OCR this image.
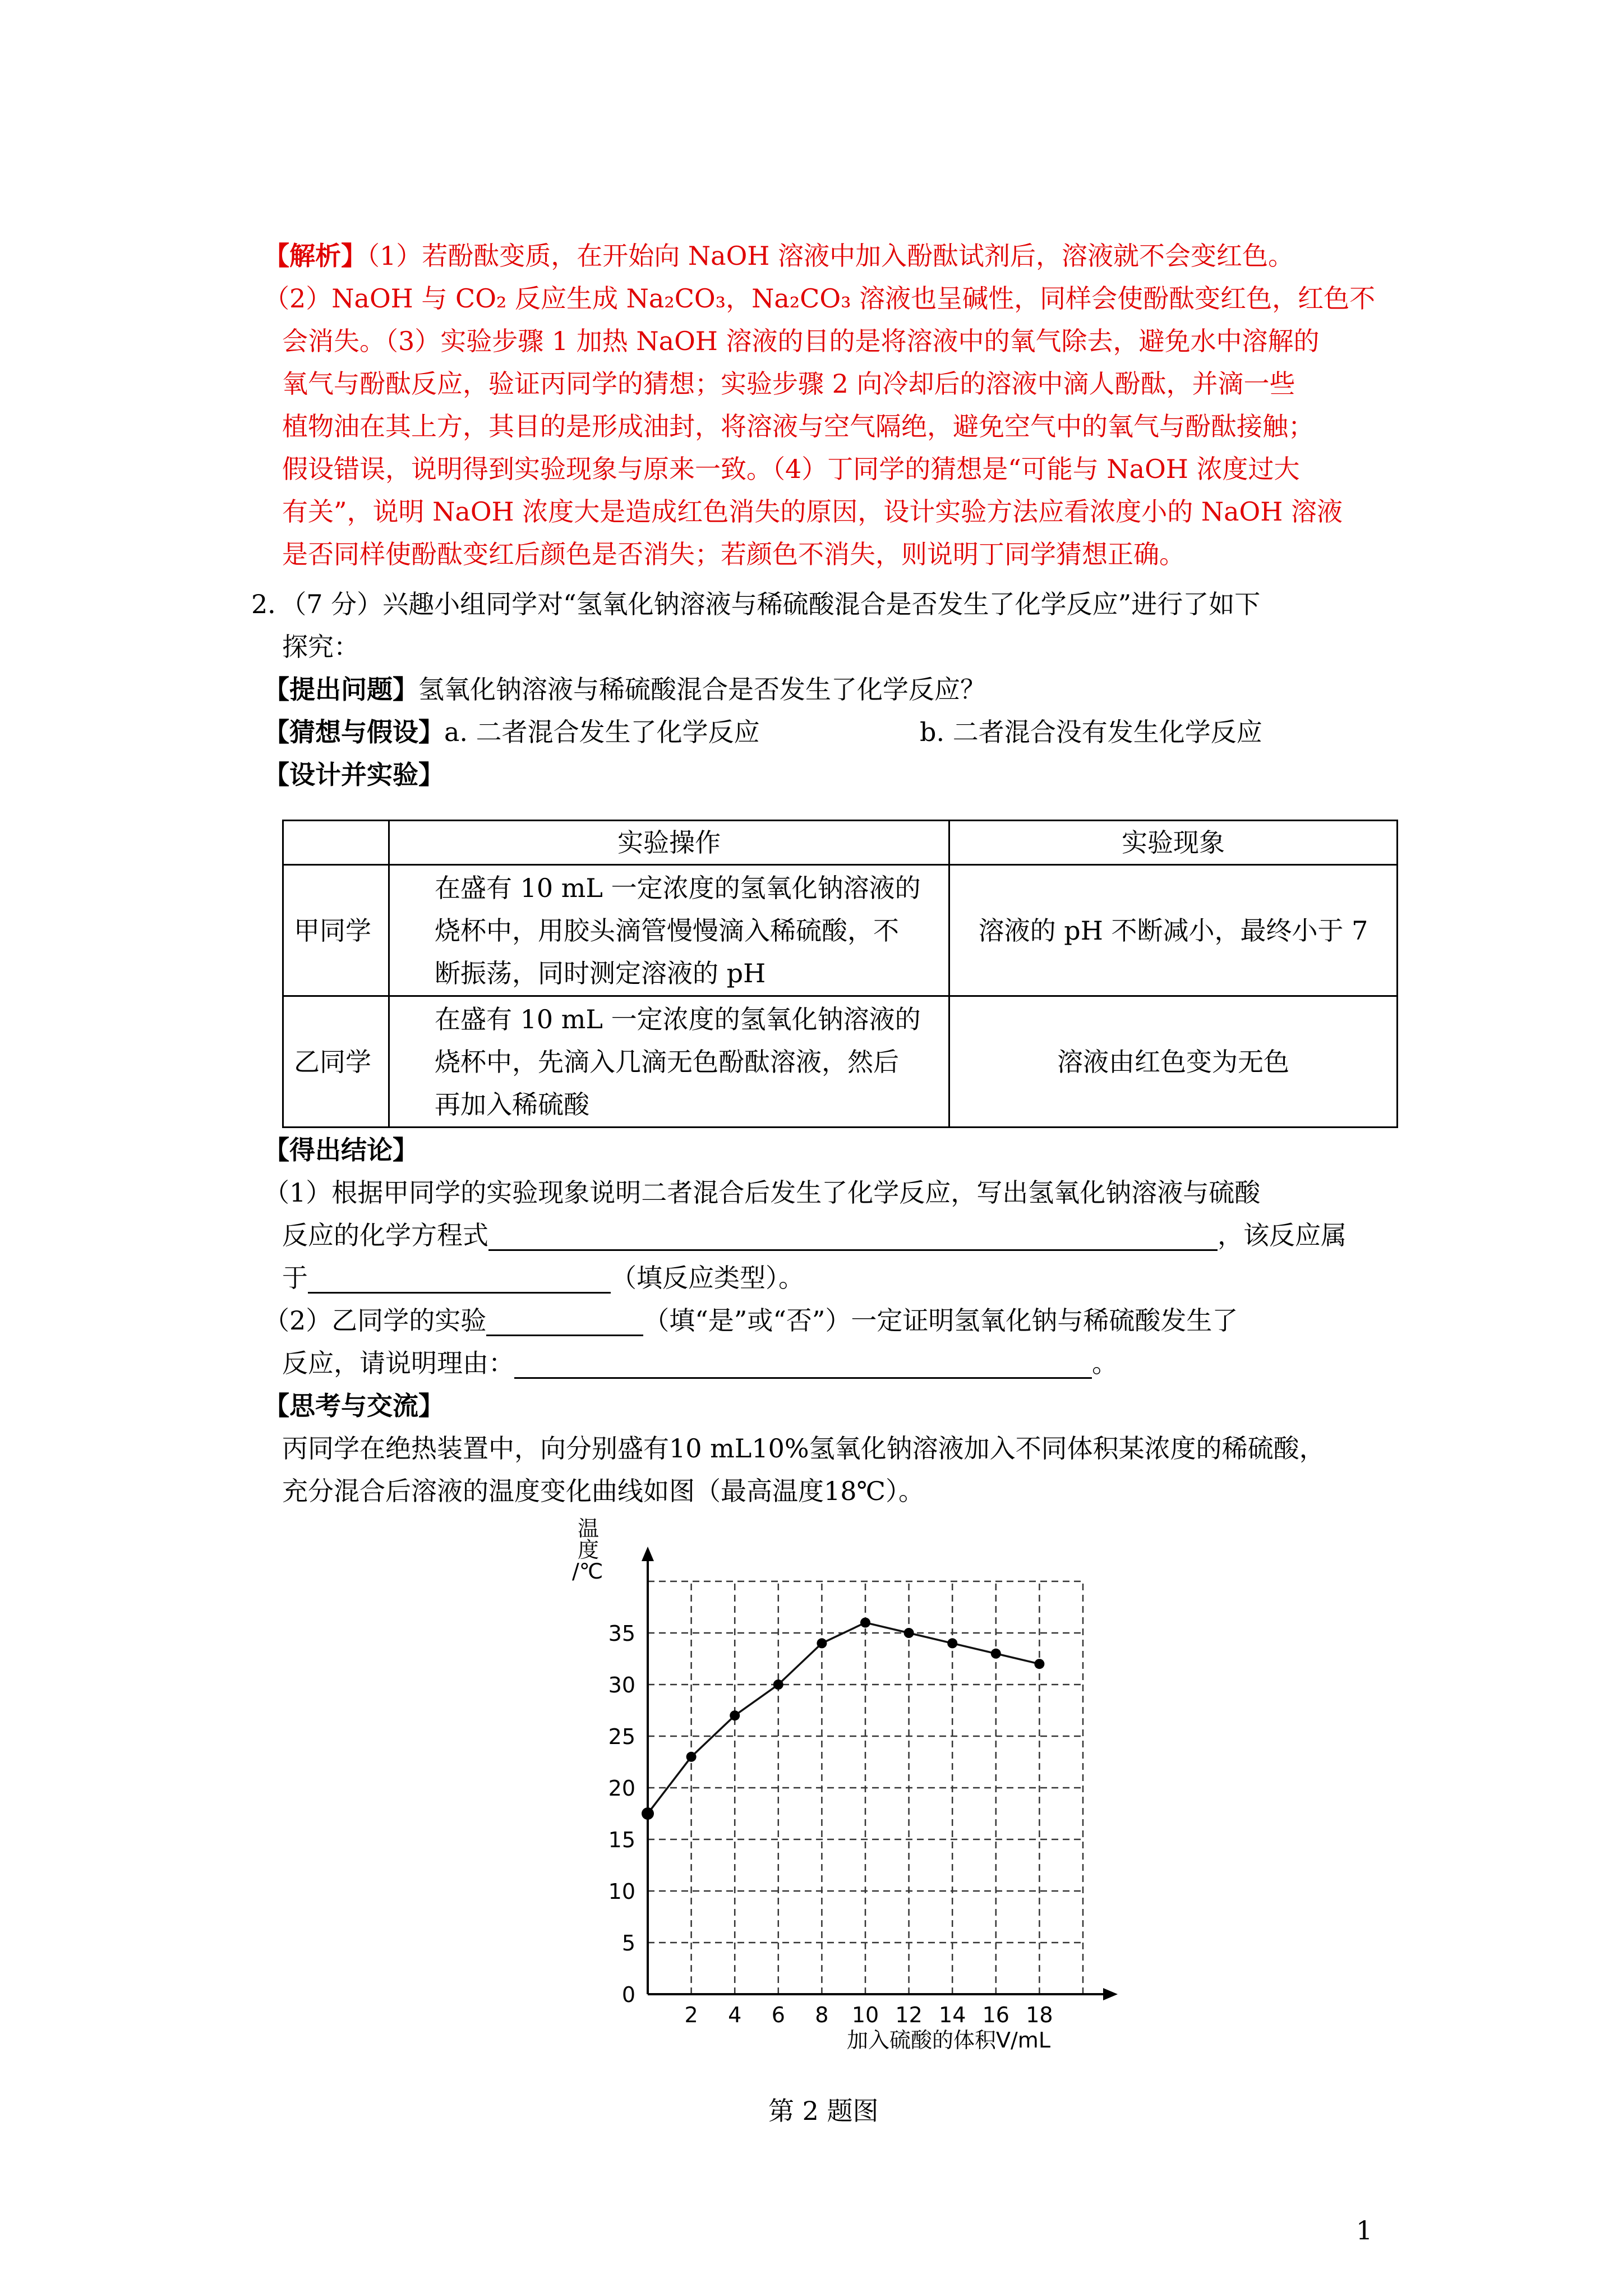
【解析】（1）若酚酞变质，在开始向 NaOH 溶液中加入酚酞试剂后，溶液就不会变红色。
（2）NaOH 与 CO₂ 反应生成 Na₂CO₃，Na₂CO₃ 溶液也呈碱性，同样会使酚酞变红色，红色不
会消失。（3）实验步骤 1 加热 NaOH 溶液的目的是将溶液中的氧气除去，避免水中溶解的
氧气与酚酞反应，验证丙同学的猜想；实验步骤 2 向冷却后的溶液中滴人酚酞，并滴一些
植物油在其上方，其目的是形成油封，将溶液与空气隔绝，避免空气中的氧气与酚酞接触；
假设错误，说明得到实验现象与原来一致。（4）丁同学的猜想是“可能与 NaOH 浓度过大
有关”，说明 NaOH 浓度大是造成红色消失的原因，设计实验方法应看浓度小的 NaOH 溶液
是否同样使酚酞变红后颜色是否消失；若颜色不消失，则说明丁同学猜想正确。
2．（7 分）兴趣小组同学对“氢氧化钠溶液与稀硫酸混合是否发生了化学反应”进行了如下
探究：
【提出问题】氢氧化钠溶液与稀硫酸混合是否发生了化学反应？
【猜想与假设】a. 二者混合发生了化学反应	b. 二者混合没有发生化学反应
【设计并实验】
	实验操作	实验现象
甲同学	在盛有 10 mL 一定浓度的氢氧化钠溶液的
烧杯中，用胶头滴管慢慢滴入稀硫酸，不
断振荡，同时测定溶液的 pH	溶液的 pH 不断减小，最终小于 7
乙同学	在盛有 10 mL 一定浓度的氢氧化钠溶液的
烧杯中，先滴入几滴无色酚酞溶液，然后
再加入稀硫酸	溶液由红色变为无色
【得出结论】
（1）根据甲同学的实验现象说明二者混合后发生了化学反应，写出氢氧化钠溶液与硫酸
反应的化学方程式	，该反应属
于	（填反应类型）。
（2）乙同学的实验	（填“是”或“否”）一定证明氢氧化钠与稀硫酸发生了
反应，请说明理由：	。
【思考与交流】
丙同学在绝热装置中，向分别盛有10 mL10%氢氧化钠溶液加入不同体积某浓度的稀硫酸，
充分混合后溶液的温度变化曲线如图（最高温度18℃）。
2 4 6 8 10 12 14 16 18
0
5
10
15
20
25
30
35
温
度
/℃
加入硫酸的体积V/mL
第 2 题图
1
